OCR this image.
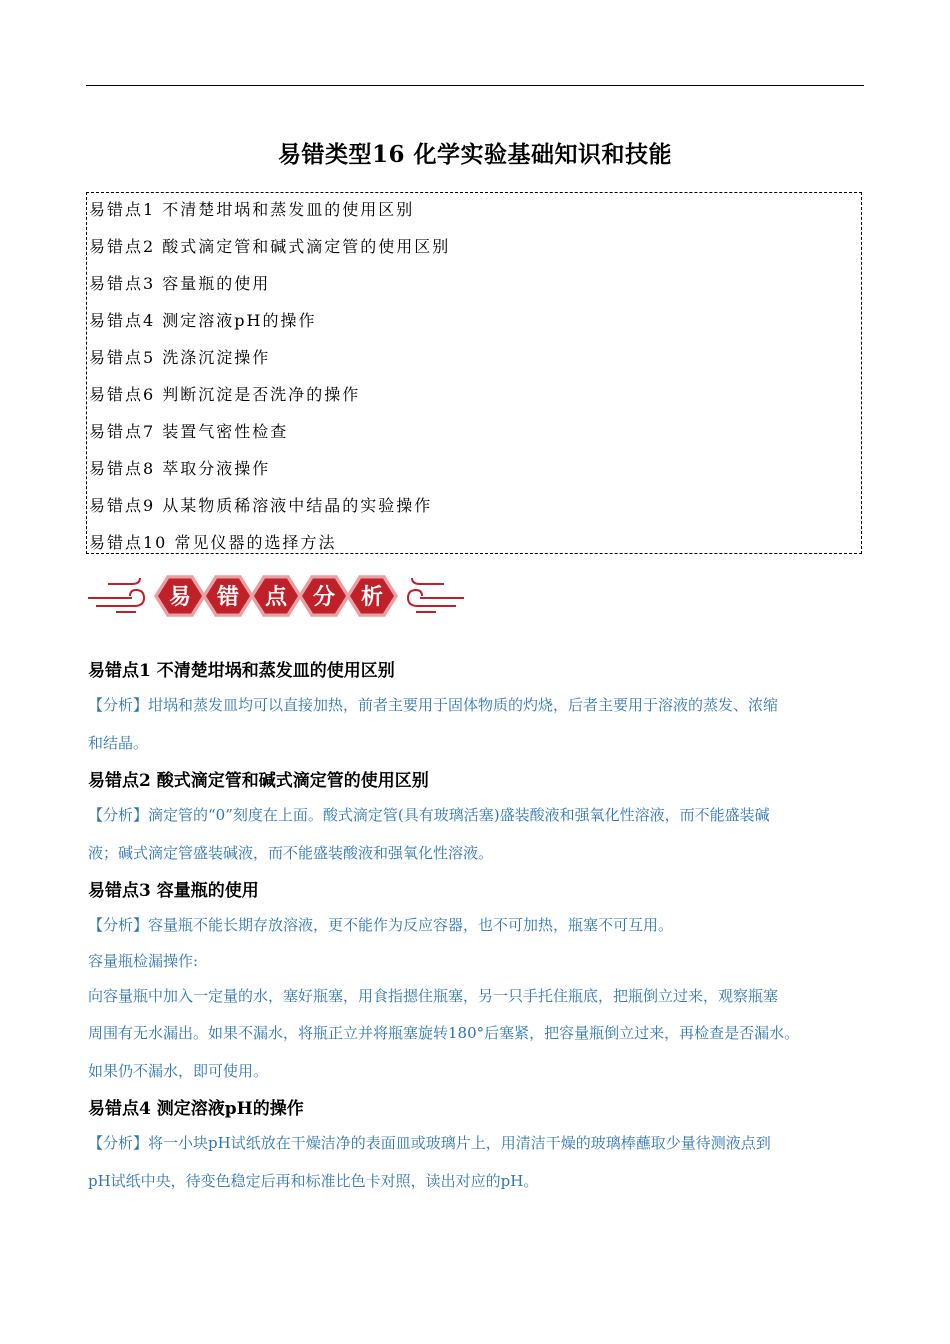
易错类型16 化学实验基础知识和技能
易错点1 不清楚坩埚和蒸发皿的使用区别
易错点2 酸式滴定管和碱式滴定管的使用区别
易错点3 容量瓶的使用
易错点4 测定溶液pH的操作
易错点5 洗涤沉淀操作
易错点6 判断沉淀是否洗净的操作
易错点7 装置气密性检查
易错点8 萃取分液操作
易错点9 从某物质稀溶液中结晶的实验操作
易错点10 常见仪器的选择方法
易 错 点 分 析
易错点1 不清楚坩埚和蒸发皿的使用区别
【分析】坩埚和蒸发皿均可以直接加热，前者主要用于固体物质的灼烧，后者主要用于溶液的蒸发、浓缩
和结晶。
易错点2 酸式滴定管和碱式滴定管的使用区别
【分析】滴定管的“0”刻度在上面。酸式滴定管(具有玻璃活塞)盛装酸液和强氧化性溶液，而不能盛装碱
液；碱式滴定管盛装碱液，而不能盛装酸液和强氧化性溶液。
易错点3 容量瓶的使用
【分析】容量瓶不能长期存放溶液，更不能作为反应容器，也不可加热，瓶塞不可互用。
容量瓶检漏操作:
向容量瓶中加入一定量的水，塞好瓶塞，用食指摁住瓶塞，另一只手托住瓶底，把瓶倒立过来，观察瓶塞
周围有无水漏出。如果不漏水，将瓶正立并将瓶塞旋转180°后塞紧，把容量瓶倒立过来，再检查是否漏水。
如果仍不漏水，即可使用。
易错点4 测定溶液pH的操作
【分析】将一小块pH试纸放在干燥洁净的表面皿或玻璃片上，用清洁干燥的玻璃棒蘸取少量待测液点到
pH试纸中央，待变色稳定后再和标准比色卡对照，读出对应的pH。
